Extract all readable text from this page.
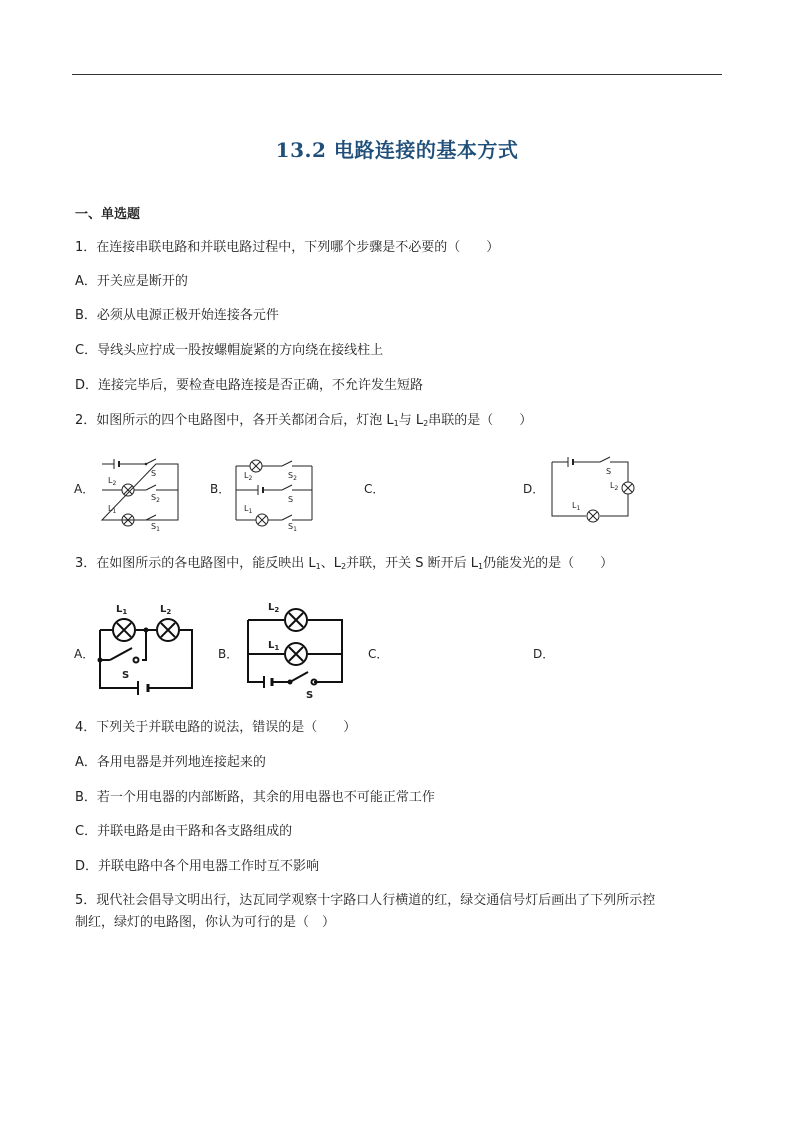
13.2 电路连接的基本方式
一、单选题
1．在连接串联电路和并联电路过程中，下列哪个步骤是不必要的（　　）
A．开关应是断开的
B．必须从电源正极开始连接各元件
C．导线头应拧成一股按螺帽旋紧的方向绕在接线柱上
D．连接完毕后，要检查电路连接是否正确，不允许发生短路
2．如图所示的四个电路图中，各开关都闭合后，灯泡 $L_1$与 $L_2$串联的是（　　）
A．	B．	C．	D．
S
$L_2$
$S_2$
$L_1$
$S_1$
$L_2$	$S_2$
S
$L_1$
$S_1$
S
$L_2$
$L_1$
3．在如图所示的各电路图中，能反映出 $L_1$、$L_2$并联，开关 S 断开后 $L_1$仍能发光的是（　　）
A．	B．	C．	D．
$L_1$	$L_2$
S
$L_2$
$L_1$
S
4．下列关于并联电路的说法，错误的是（　　）
A．各用电器是并列地连接起来的
B．若一个用电器的内部断路，其余的用电器也不可能正常工作
C．并联电路是由干路和各支路组成的
D．并联电路中各个用电器工作时互不影响
5．现代社会倡导文明出行，达瓦同学观察十字路口人行横道的红，绿交通信号灯后画出了下列所示控
制红，绿灯的电路图，你认为可行的是（　）
